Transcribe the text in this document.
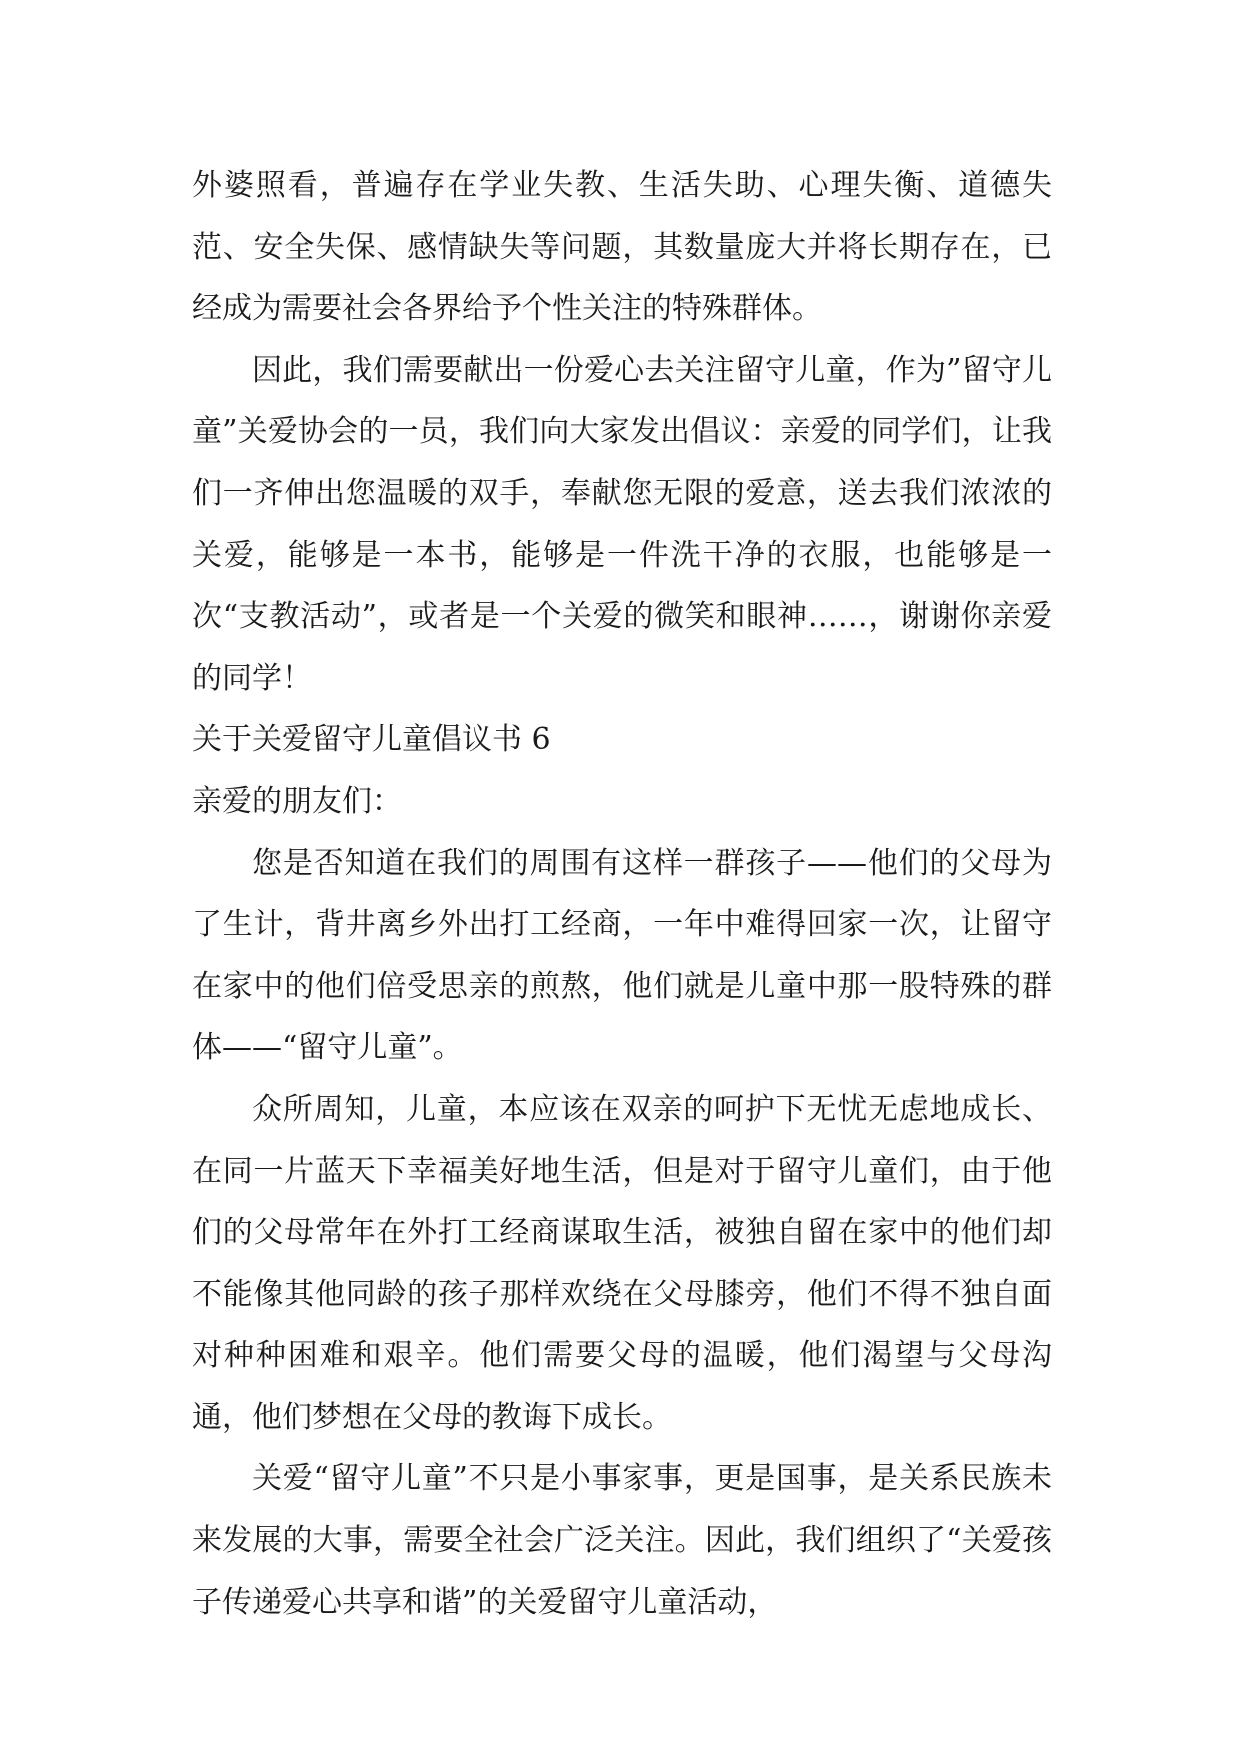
外婆照看，普遍存在学业失教、生活失助、心理失衡、道德失范、安全失保、感情缺失等问题，其数量庞大并将长期存在，已经成为需要社会各界给予个性关注的特殊群体。

因此，我们需要献出一份爱心去关注留守儿童，作为”留守儿童”关爱协会的一员，我们向大家发出倡议：亲爱的同学们，让我们一齐伸出您温暖的双手，奉献您无限的爱意，送去我们浓浓的关爱，能够是一本书，能够是一件洗干净的衣服，也能够是一次“支教活动”，或者是一个关爱的微笑和眼神……，谢谢你亲爱的同学！

关于关爱留守儿童倡议书 6

亲爱的朋友们：

您是否知道在我们的周围有这样一群孩子——他们的父母为了生计，背井离乡外出打工经商，一年中难得回家一次，让留守在家中的他们倍受思亲的煎熬，他们就是儿童中那一股特殊的群体——“留守儿童”。

众所周知，儿童，本应该在双亲的呵护下无忧无虑地成长、在同一片蓝天下幸福美好地生活，但是对于留守儿童们，由于他们的父母常年在外打工经商谋取生活，被独自留在家中的他们却不能像其他同龄的孩子那样欢绕在父母膝旁，他们不得不独自面对种种困难和艰辛。他们需要父母的温暖，他们渴望与父母沟通，他们梦想在父母的教诲下成长。

关爱“留守儿童”不只是小事家事，更是国事，是关系民族未来发展的大事，需要全社会广泛关注。因此，我们组织了“关爱孩子传递爱心共享和谐”的关爱留守儿童活动，
